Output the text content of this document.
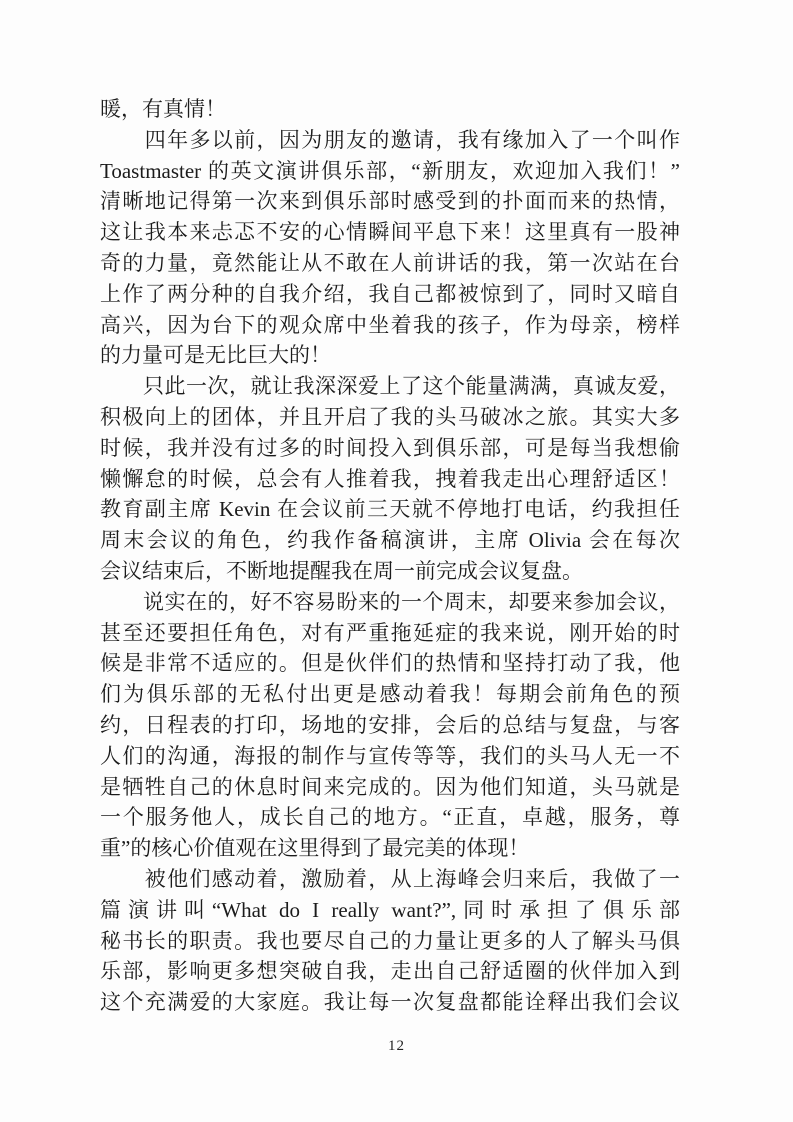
暖，有真情！
　　四年多以前，因为朋友的邀请，我有缘加入了一个叫作
Toastmaster 的英文演讲俱乐部，“新朋友，欢迎加入我们！”
清晰地记得第一次来到俱乐部时感受到的扑面而来的热情，
这让我本来忐忑不安的心情瞬间平息下来！这里真有一股神
奇的力量，竟然能让从不敢在人前讲话的我，第一次站在台
上作了两分种的自我介绍，我自己都被惊到了，同时又暗自
高兴，因为台下的观众席中坐着我的孩子，作为母亲，榜样
的力量可是无比巨大的！
　　只此一次，就让我深深爱上了这个能量满满，真诚友爱，
积极向上的团体，并且开启了我的头马破冰之旅。其实大多
时候，我并没有过多的时间投入到俱乐部，可是每当我想偷
懒懈怠的时候，总会有人推着我，拽着我走出心理舒适区！
教育副主席 Kevin 在会议前三天就不停地打电话，约我担任
周末会议的角色，约我作备稿演讲，主席 Olivia 会在每次
会议结束后，不断地提醒我在周一前完成会议复盘。
　　说实在的，好不容易盼来的一个周末，却要来参加会议，
甚至还要担任角色，对有严重拖延症的我来说，刚开始的时
候是非常不适应的。但是伙伴们的热情和坚持打动了我，他
们为俱乐部的无私付出更是感动着我！每期会前角色的预
约，日程表的打印，场地的安排，会后的总结与复盘，与客
人们的沟通，海报的制作与宣传等等，我们的头马人无一不
是牺牲自己的休息时间来完成的。因为他们知道，头马就是
一个服务他人，成长自己的地方。“正直，卓越，服务，尊
重”的核心价值观在这里得到了最完美的体现！
　　被他们感动着，激励着，从上海峰会归来后，我做了一
篇演讲叫“What do I really want?”,同时承担了俱乐部
秘书长的职责。我也要尽自己的力量让更多的人了解头马俱
乐部，影响更多想突破自我，走出自己舒适圈的伙伴加入到
这个充满爱的大家庭。我让每一次复盘都能诠释出我们会议
12
